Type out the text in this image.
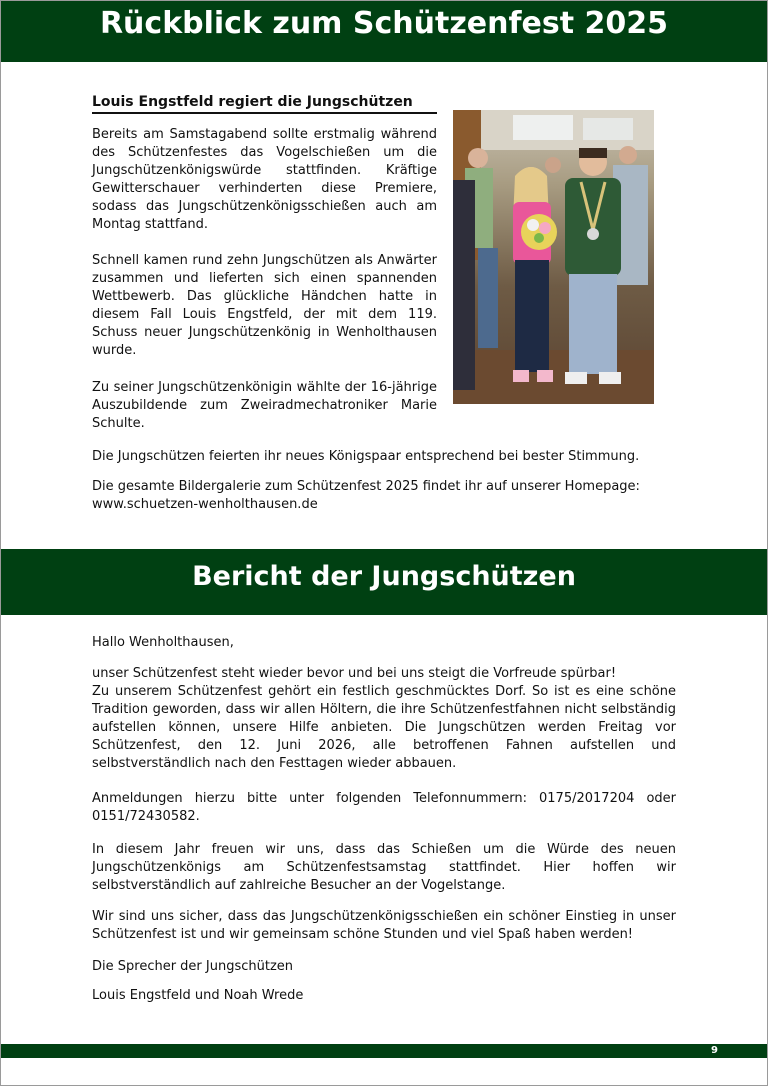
Rückblick zum Schützenfest 2025
Louis Engstfeld regiert die Jungschützen
Bereits am Samstagabend sollte erstmalig während des Schützenfestes das Vogelschießen um die Jungschützenkönigswürde stattfinden. Kräftige Gewitterschauer verhinderten diese Premiere, sodass das Jungschützenkönigsschießen auch am Montag stattfand.
Schnell kamen rund zehn Jungschützen als Anwärter zusammen und lieferten sich einen spannenden Wettbewerb. Das glückliche Händchen hatte in diesem Fall Louis Engstfeld, der mit dem 119. Schuss neuer Jungschützenkönig in Wenholthausen wurde.
Zu seiner Jungschützenkönigin wählte der 16-jährige Auszubildende zum Zweiradmechatroniker Marie Schulte.
Die Jungschützen feierten ihr neues Königspaar entsprechend bei bester Stimmung.
Die gesamte Bildergalerie zum Schützenfest 2025 findet ihr auf unserer Homepage:
www.schuetzen-wenholthausen.de
Bericht der Jungschützen
Hallo Wenholthausen,
unser Schützenfest steht wieder bevor und bei uns steigt die Vorfreude spürbar!
Zu unserem Schützenfest gehört ein festlich geschmücktes Dorf. So ist es eine schöne Tradition geworden, dass wir allen Höltern, die ihre Schützenfestfahnen nicht selbständig aufstellen können, unsere Hilfe anbieten. Die Jungschützen werden Freitag vor Schützenfest, den 12. Juni 2026, alle betroffenen Fahnen aufstellen und selbstverständlich nach den Festtagen wieder abbauen.
Anmeldungen hierzu bitte unter folgenden Telefonnummern: 0175/2017204 oder 0151/72430582.
In diesem Jahr freuen wir uns, dass das Schießen um die Würde des neuen Jungschützenkönigs am Schützenfestsamstag stattfindet. Hier hoffen wir selbstverständlich auf zahlreiche Besucher an der Vogelstange.
Wir sind uns sicher, dass das Jungschützenkönigsschießen ein schöner Einstieg in unser Schützenfest ist und wir gemeinsam schöne Stunden und viel Spaß haben werden!
Die Sprecher der Jungschützen
Louis Engstfeld und Noah Wrede
9
